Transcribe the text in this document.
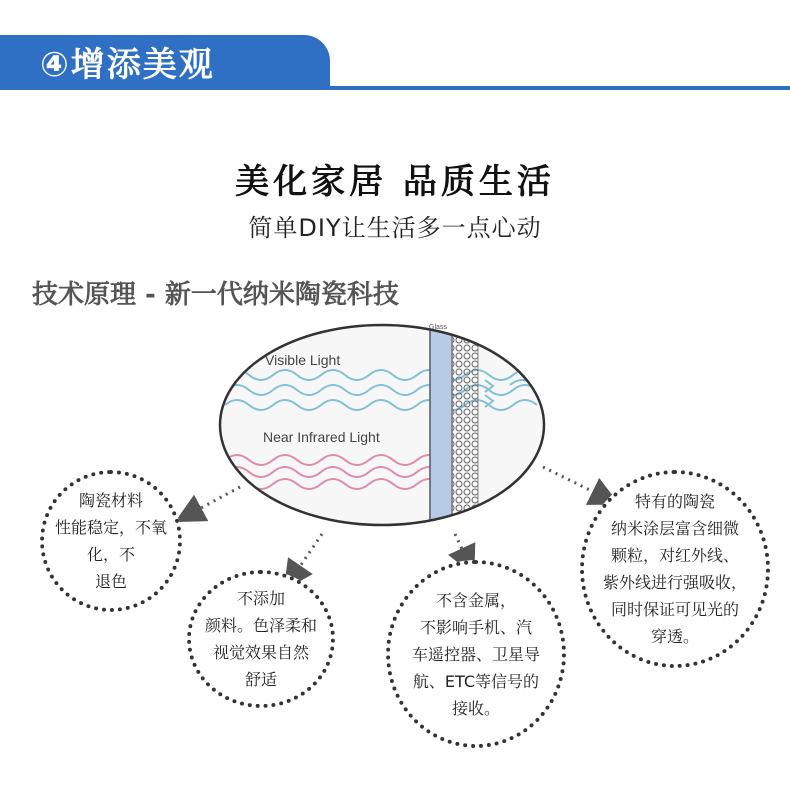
④增添美观
美化家居 品质生活
简单DIY让生活多一点心动
技术原理 - 新一代纳米陶瓷科技
Visible Light
Near Infrared Light
Glass
陶瓷材料
性能稳定，不氧
化，不
退色
不添加
颜料。色泽柔和
视觉效果自然
舒适
不含金属，
不影响手机、汽
车遥控器、卫星导
航、ETC等信号的
接收。
特有的陶瓷
纳米涂层富含细微
颗粒，对红外线、
紫外线进行强吸收，
同时保证可见光的
穿透。
